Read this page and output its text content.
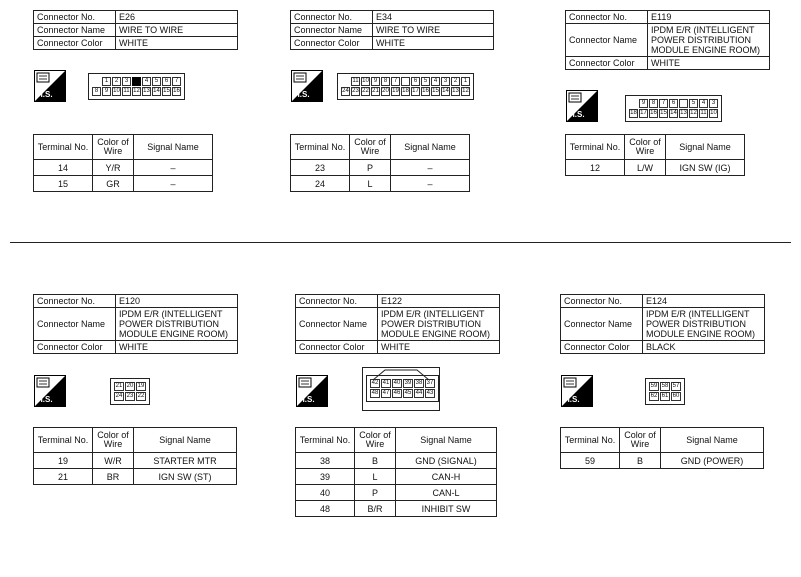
Connector No.	E26
Connector Name	WIRE TO WIRE
Connector Color	WHITE
H.S.
1	2	3	4	5	6	7
8	9 10 11 12 13 14 15 16
Terminal No.	Color of Wire	Signal Name
14	Y/R	–
15	GR	–
Connector No.	E34
Connector Name	WIRE TO WIRE
Connector Color	WHITE
H.S.
11 10 9	8	7	6	5	4	3	2	1
24 23 22 21 20 19 18 17 16 15 14 13 12
Terminal No.	Color of Wire	Signal Name
23	P	–
24	L	–
Connector No.	E119
Connector Name	IPDM E/R (INTELLIGENT POWER DISTRIBUTION MODULE ENGINE ROOM)
Connector Color	WHITE
H.S.
9	8	7	6	5	4	3
18 17 16 15 14 13 12 11 10
Terminal No.	Color of Wire	Signal Name
12	L/W	IGN SW (IG)
Connector No.	E120
Connector Name	IPDM E/R (INTELLIGENT POWER DISTRIBUTION MODULE ENGINE ROOM)
Connector Color	WHITE
H.S.
21 20 19
24 23 22
Terminal No.	Color of Wire	Signal Name
19	W/R	STARTER MTR
21	BR	IGN SW (ST)
Connector No.	E122
Connector Name	IPDM E/R (INTELLIGENT POWER DISTRIBUTION MODULE ENGINE ROOM)
Connector Color	WHITE
H.S.
42 41 40 39 38 37
48 47 46 45 44 43
Terminal No.	Color of Wire	Signal Name
38	B	GND (SIGNAL)
39	L	CAN-H
40	P	CAN-L
48	B/R	INHIBIT SW
Connector No.	E124
Connector Name	IPDM E/R (INTELLIGENT POWER DISTRIBUTION MODULE ENGINE ROOM)
Connector Color	BLACK
H.S.
59 58 57
62 61 60
Terminal No.	Color of Wire	Signal Name
59	B	GND (POWER)
